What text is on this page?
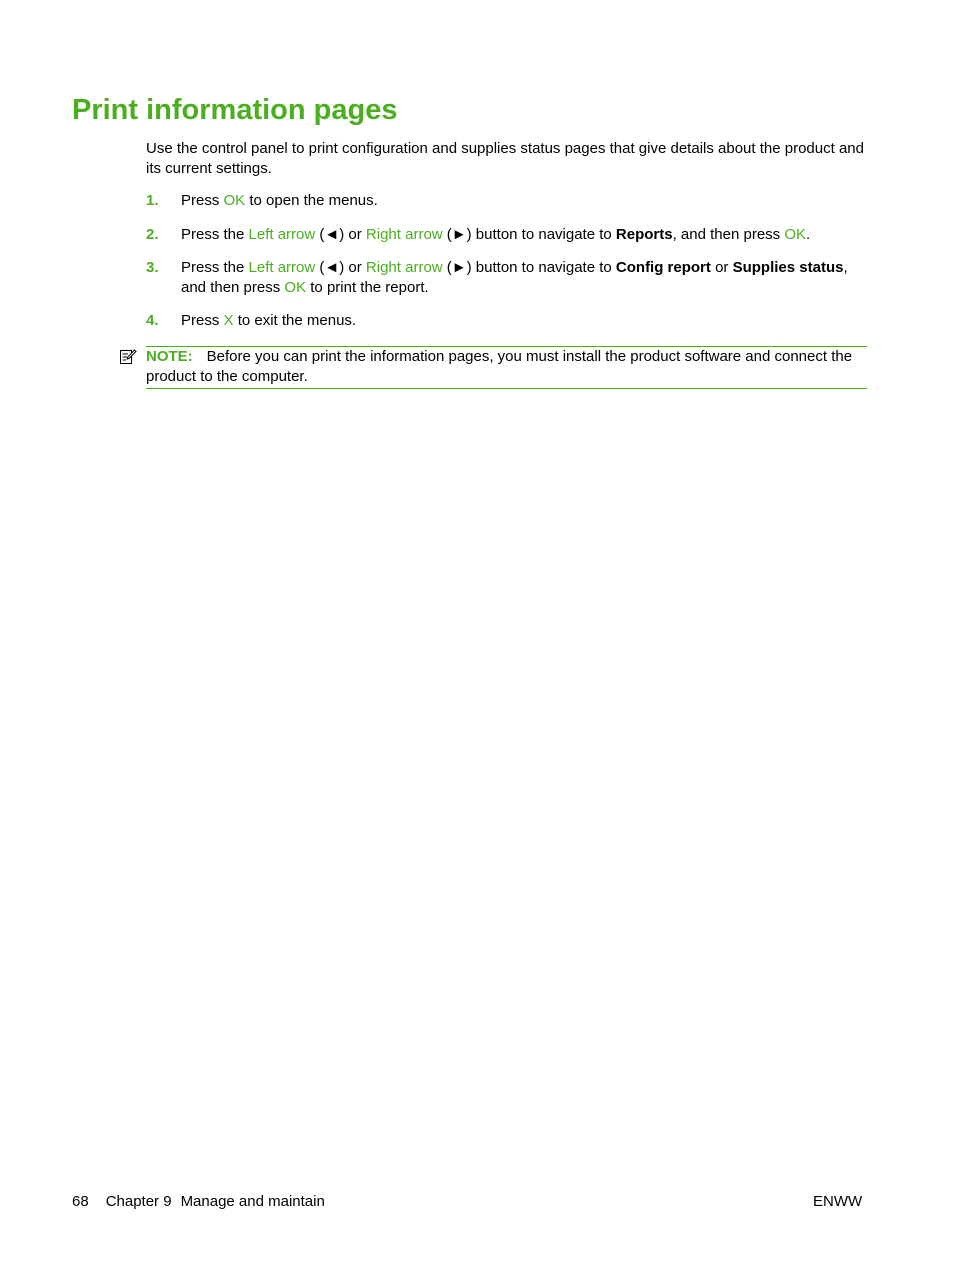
Print information pages

Use the control panel to print configuration and supplies status pages that give details about the product and its current settings.

1. Press OK to open the menus.
2. Press the Left arrow (◄) or Right arrow (►) button to navigate to Reports, and then press OK.
3. Press the Left arrow (◄) or Right arrow (►) button to navigate to Config report or Supplies status, and then press OK to print the report.
4. Press X to exit the menus.
NOTE: Before you can print the information pages, you must install the product software and connect the product to the computer.
68 Chapter 9 Manage and maintain	ENWW
